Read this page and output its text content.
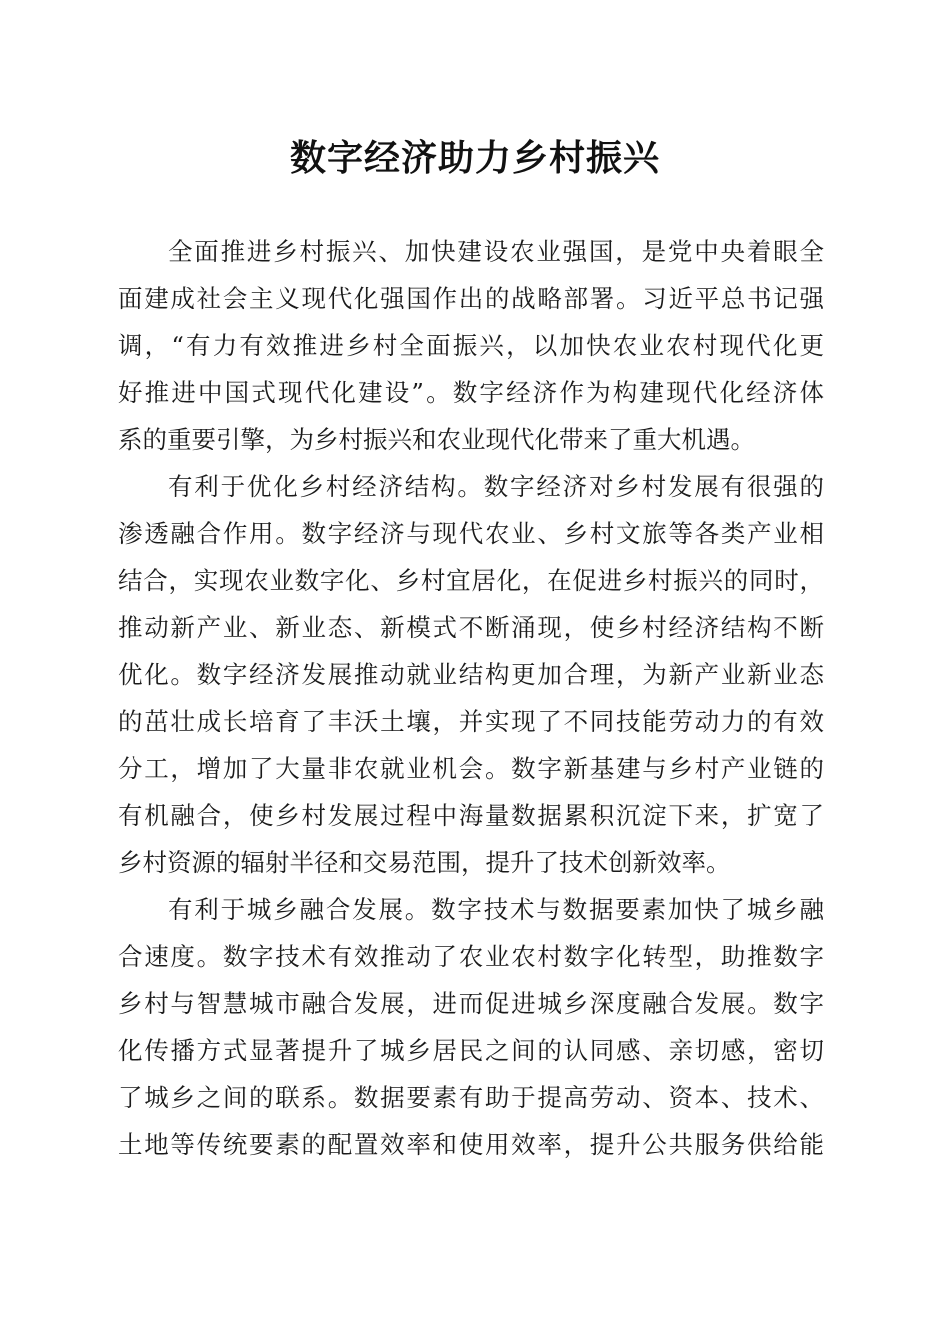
数字经济助力乡村振兴
全面推进乡村振兴、加快建设农业强国，是党中央着眼全
面建成社会主义现代化强国作出的战略部署。习近平总书记强
调，“有力有效推进乡村全面振兴，以加快农业农村现代化更
好推进中国式现代化建设”。数字经济作为构建现代化经济体
系的重要引擎，为乡村振兴和农业现代化带来了重大机遇。
有利于优化乡村经济结构。数字经济对乡村发展有很强的
渗透融合作用。数字经济与现代农业、乡村文旅等各类产业相
结合，实现农业数字化、乡村宜居化，在促进乡村振兴的同时，
推动新产业、新业态、新模式不断涌现，使乡村经济结构不断
优化。数字经济发展推动就业结构更加合理，为新产业新业态
的茁壮成长培育了丰沃土壤，并实现了不同技能劳动力的有效
分工，增加了大量非农就业机会。数字新基建与乡村产业链的
有机融合，使乡村发展过程中海量数据累积沉淀下来，扩宽了
乡村资源的辐射半径和交易范围，提升了技术创新效率。
有利于城乡融合发展。数字技术与数据要素加快了城乡融
合速度。数字技术有效推动了农业农村数字化转型，助推数字
乡村与智慧城市融合发展，进而促进城乡深度融合发展。数字
化传播方式显著提升了城乡居民之间的认同感、亲切感，密切
了城乡之间的联系。数据要素有助于提高劳动、资本、技术、
土地等传统要素的配置效率和使用效率，提升公共服务供给能
